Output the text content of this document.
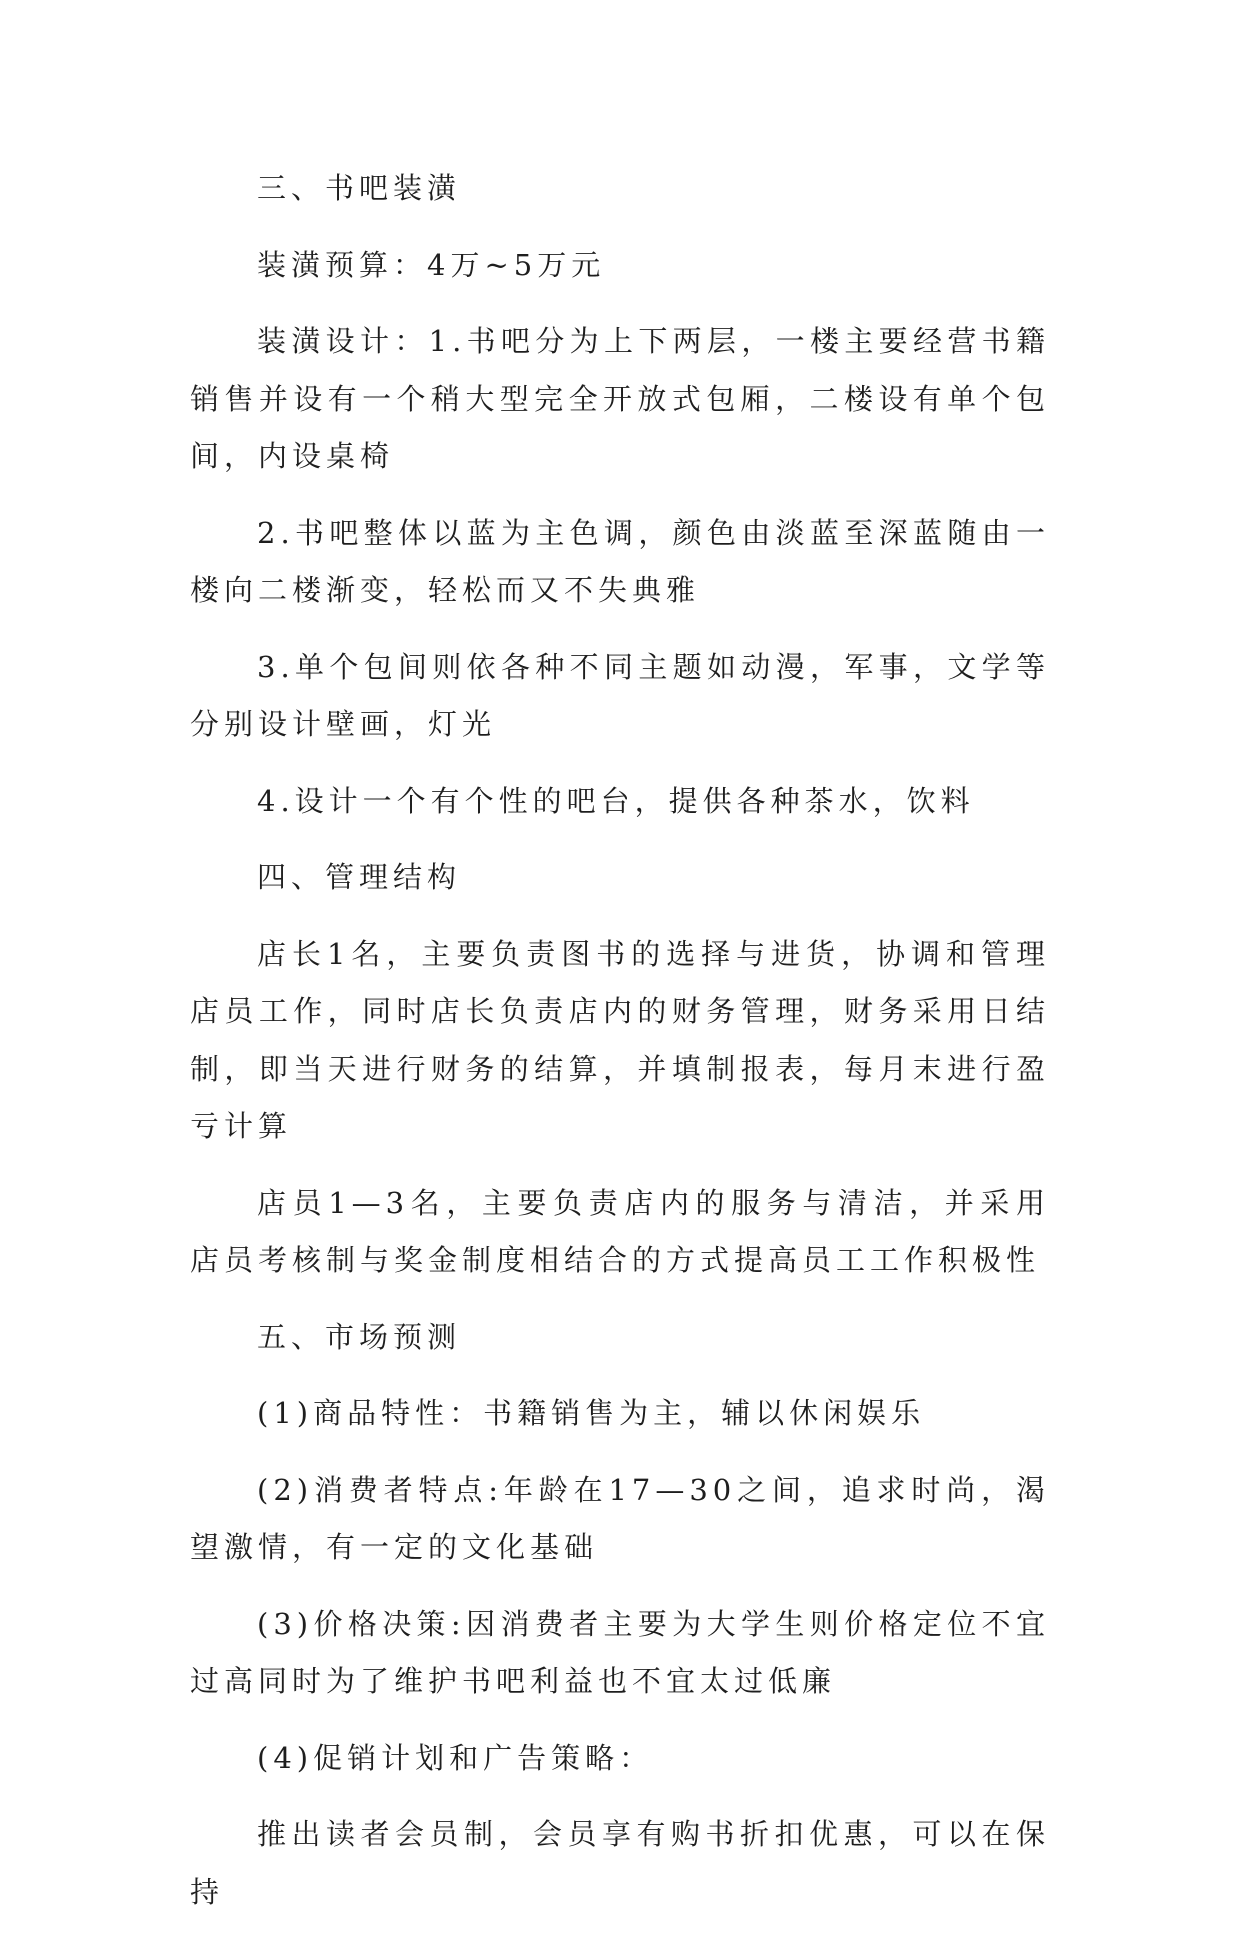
三、书吧装潢

装潢预算：4万~5万元

装潢设计：1.书吧分为上下两层，一楼主要经营书籍销售并设有一个稍大型完全开放式包厢，二楼设有单个包间，内设桌椅

2.书吧整体以蓝为主色调，颜色由淡蓝至深蓝随由一楼向二楼渐变，轻松而又不失典雅

3.单个包间则依各种不同主题如动漫，军事，文学等分别设计壁画，灯光

4.设计一个有个性的吧台，提供各种茶水，饮料

四、管理结构

店长1名，主要负责图书的选择与进货，协调和管理店员工作，同时店长负责店内的财务管理，财务采用日结制，即当天进行财务的结算，并填制报表，每月末进行盈亏计算

店员1—3名，主要负责店内的服务与清洁，并采用店员考核制与奖金制度相结合的方式提高员工工作积极性

五、市场预测

(1)商品特性：书籍销售为主，辅以休闲娱乐

(2)消费者特点:年龄在17—30之间，追求时尚，渴望激情，有一定的文化基础

(3)价格决策:因消费者主要为大学生则价格定位不宜过高同时为了维护书吧利益也不宜太过低廉

(4)促销计划和广告策略：

推出读者会员制，会员享有购书折扣优惠，可以在保持
